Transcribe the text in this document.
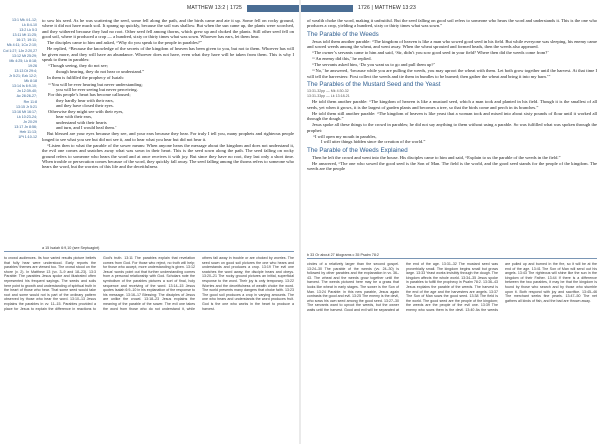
MATTHEW 13:2 | 1725
13:1 Mk 4:1-12;
Lk 8:4-10
13:2 Lk 5:3
13:11 Mt 11:25;
16:17; 19:11;
Mk 4:11; 1Co 2:10;
Col 1:27; 1Jn 2:20,27
13:12 Mt 25:29;
Mk 4:25; Lk 8:18;
19:26
13:13 Dt 29:4;
Jr 5:21; Ezk 12:2;
Mk 8:18
13:14 Is 6:9-10;
Jn 12:39-40;
Ac 28:26-27;
Rm 11:8
13:15 Jr 5:21
13:16 Mt 16:17;
Lk 10:23-24;
Jn 20:29
13:17 Jn 8:56;
Heb 11:13;
1Pt 1:10-12

to sow his seed. As he was scattering the seed, some fell along the path, and the birds came and ate it up. Some fell on rocky ground, where it did not have much soil. It sprang up quickly, because the soil was shallow. But when the sun came up, the plants were scorched, and they withered because they had no root. Other seed fell among thorns, which grew up and choked the plants. Still other seed fell on good soil, where it produced a crop — a hundred, sixty or thirty times what was sown. Whoever has ears, let them hear.

The disciples came to him and asked, “Why do you speak to the people in parables?”

He replied, “Because the knowledge of the secrets of the kingdom of heaven has been given to you, but not to them. Whoever has will be given more, and they will have an abundance. Whoever does not have, even what they have will be taken from them. This is why I speak to them in parables:

“Though seeing, they do not see;
though hearing, they do not hear or understand.”

In them is fulfilled the prophecy of Isaiah:

“‘You will be ever hearing but never understanding;
you will be ever seeing but never perceiving.
For this people’s heart has become calloused;
they hardly hear with their ears,
and they have closed their eyes.
Otherwise they might see with their eyes,
hear with their ears,
understand with their hearts
and turn, and I would heal them.’

But blessed are your eyes because they see, and your ears because they hear. For truly I tell you, many prophets and righteous people longed to see what you see but did not see it, and to hear what you hear but did not hear it.

“Listen then to what the parable of the sower means: When anyone hears the message about the kingdom and does not understand it, the evil one comes and snatches away what was sown in their heart. This is the seed sown along the path. The seed falling on rocky ground refers to someone who hears the word and at once receives it with joy. But since they have no root, they last only a short time. When trouble or persecution comes because of the word, they quickly fall away. The seed falling among the thorns refers to someone who hears the word, but the worries of this life and the deceitfulness

a 15 Isaiah 6:9,10 (see Septuagint)
to crowd audiences. Its four varied results picture beliefs that fully hear were understood. Early reports the parables’ themes are viewed too. The crowd stood on the shore (v. 2). In Matthew 13 (vv. 3–9 and 18–23). 13:3 Parable: The parables Jesus spoke and illustrated often represented his frequent sayings. The seeds and soils here point to growth and understanding of spiritual truth in the heart of those who hear. That some seed would take root and some would not is part of the ordinary pattern observed by those who hear the word. 13:10–13 Jesus explains the parables in vv. 11–15. Parables provided a place for Jesus to explain the difference in reactions to God’s truth. 13:11 The parables explain that revelation comes from God. For those who reject, no truth will help; for those who accept, more understanding is given. 13:12 Jesus’ words point out that further understanding comes from a personal relationship with God. Scholars note the symbolism of the parables pictures a sort of final, holy sequence and receiving of the word. 13:14–15 Jesus quotes Isaiah 6:9–10 in his explanation of the response to his message. 13:16–17 Blessing: The disciples of Jesus are unlike the crowd. 13:18–23 Jesus explains the meaning of the parable of the sower. The evil one takes the word from those who do not understand it, while others fall away in trouble or are choked by worries. The seed sown on good soil pictures the one who hears and understands and produces a crop. 13:19 The evil one snatches the word away; the disciple hears and obeys. 13:20–21 The rocky ground pictures an initial, superficial response to the word. Their joy is only temporary. 13:22 Worries and the deceitfulness of wealth choke the word. The world presents many dangers that choke faith. 13:23 The good soil produces a crop in varying amounts. The one who hears and understands the word produces fruit. God is the one who works in the heart to produce a harvest.
1726 | MATTHEW 13:23

of wealth choke the word, making it unfruitful. But the seed falling on good soil refers to someone who hears the word and understands it. This is the one who produces a crop, yielding a hundred, sixty or thirty times what was sown.”

The Parable of the Weeds

Jesus told them another parable: “The kingdom of heaven is like a man who sowed good seed in his field. But while everyone was sleeping, his enemy came and sowed weeds among the wheat, and went away. When the wheat sprouted and formed heads, then the weeds also appeared.

“The owner’s servants came to him and said, ‘Sir, didn’t you sow good seed in your field? Where then did the weeds come from?’

“‘An enemy did this,’ he replied.

“The servants asked him, ‘Do you want us to go and pull them up?’

“‘No,’ he answered, ‘because while you are pulling the weeds, you may uproot the wheat with them. Let both grow together until the harvest. At that time I will tell the harvesters: First collect the weeds and tie them in bundles to be burned; then gather the wheat and bring it into my barn.’”

The Parables of the Mustard Seed and the Yeast
13:31-32pp — Mk 4:30-32
13:31-33pp — Lk 13:18-21

He told them another parable: “The kingdom of heaven is like a mustard seed, which a man took and planted in his field. Though it is the smallest of all seeds, yet when it grows, it is the largest of garden plants and becomes a tree, so that the birds come and perch in its branches.”

He told them still another parable: “The kingdom of heaven is like yeast that a woman took and mixed into about sixty pounds of flour until it worked all through the dough.”

Jesus spoke all these things to the crowd in parables; he did not say anything to them without using a parable. So was fulfilled what was spoken through the prophet:

“I will open my mouth in parables,
I will utter things hidden since the creation of the world.”
The Parable of the Weeds Explained

Then he left the crowd and went into the house. His disciples came to him and said, “Explain to us the parable of the weeds in the field.”

He answered, “The one who sowed the good seed is the Son of Man. The field is the world, and the good seed stands for the people of the kingdom. The weeds are the people

b 33 Or about 27 kilograms c 35 Psalm 78:2
circles of a relatively larger than the second gospel. 13:24–30 The parable of the weeds (vv. 24–30) is followed by other parables and the explanation in vv. 36–43. The wheat and the weeds grow together until the harvest. The weeds pictured here may be a grass that looks like wheat in early stages. The sower is the Son of Man. 13:24 Parable: in this new parable, Jesus again contrasts the good and evil. 13:25 The enemy is the devil, who sows his own seed among the good seed. 13:27–30 The servants want to uproot the weeds, but the owner waits until the harvest. Good and evil will be separated at the end of the age. 13:31–32 The mustard seed was proverbially small. The kingdom begins small but grows large. 13:33 Yeast works invisibly through the dough. The kingdom affects the whole world. 13:34–35 Jesus spoke in parables to fulfill the prophecy in Psalm 78:2. 13:36–43 Jesus explains the parable of the weeds. The harvest is the end of the age and the harvesters are angels. 13:37 The Son of Man sows the good seed. 13:38 The field is the world. The good seed are the people of the kingdom; the weeds are the people of the evil one. 13:39 The enemy who sows them is the devil. 13:40 As the weeds are pulled up and burned in the fire, so it will be at the end of the age. 13:41 The Son of Man will send out his angels. 13:43 The righteous will shine like the sun in the kingdom of their Father. 13:44 If there is a difference between the two parables, it may be that the kingdom is found by those who search and by those who stumble upon it. Both respond with joy and sacrifice. 13:45–46 The merchant seeks fine pearls. 13:47–50 The net gathers all kinds of fish, and the bad are thrown away.
